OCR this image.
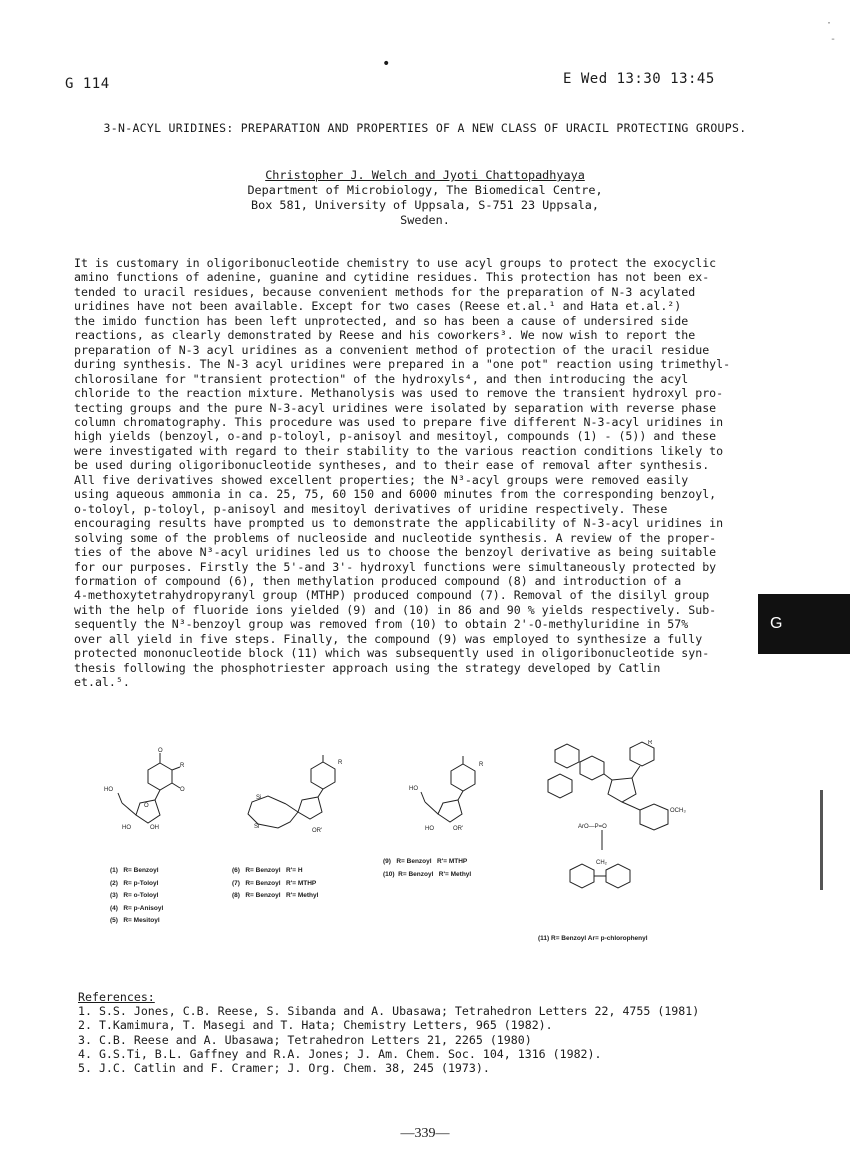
G 114
•
E Wed 13:30 13:45
·
-
3-N-ACYL URIDINES: PREPARATION AND PROPERTIES OF A NEW CLASS OF URACIL PROTECTING GROUPS.
Christopher J. Welch and Jyoti Chattopadhyaya
Department of Microbiology, The Biomedical Centre,
Box 581, University of Uppsala, S-751 23 Uppsala,
Sweden.
It is customary in oligoribonucleotide chemistry to use acyl groups to protect the exocyclic
amino functions of adenine, guanine and cytidine residues. This protection has not been ex-
tended to uracil residues, because convenient methods for the preparation of N-3 acylated
uridines have not been available. Except for two cases (Reese et.al.¹ and Hata et.al.²)
the imido function has been left unprotected, and so has been a cause of undersired side
reactions, as clearly demonstrated by Reese and his coworkers³. We now wish to report the
preparation of N-3 acyl uridines as a convenient method of protection of the uracil residue
during synthesis. The N-3 acyl uridines were prepared in a "one pot" reaction using trimethyl-
chlorosilane for "transient protection" of the hydroxyls⁴, and then introducing the acyl
chloride to the reaction mixture. Methanolysis was used to remove the transient hydroxyl pro-
tecting groups and the pure N-3-acyl uridines were isolated by separation with reverse phase
column chromatography. This procedure was used to prepare five different N-3-acyl uridines in
high yields (benzoyl, o-and p-toloyl, p-anisoyl and mesitoyl, compounds (1) - (5)) and these
were investigated with regard to their stability to the various reaction conditions likely to
be used during oligoribonucleotide syntheses, and to their ease of removal after synthesis.
All five derivatives showed excellent properties; the N³-acyl groups were removed easily
using aqueous ammonia in ca. 25, 75, 60 150 and 6000 minutes from the corresponding benzoyl,
o-toloyl, p-toloyl, p-anisoyl and mesitoyl derivatives of uridine respectively. These
encouraging results have prompted us to demonstrate the applicability of N-3-acyl uridines in
solving some of the problems of nucleoside and nucleotide synthesis. A review of the proper-
ties of the above N³-acyl uridines led us to choose the benzoyl derivative as being suitable
for our purposes. Firstly the 5'-and 3'- hydroxyl functions were simultaneously protected by
formation of compound (6), then methylation produced compound (8) and introduction of a
4-methoxytetrahydropyranyl group (MTHP) produced compound (7). Removal of the disilyl group
with the help of fluoride ions yielded (9) and (10) in 86 and 90 % yields respectively. Sub-
sequently the N³-benzoyl group was removed from (10) to obtain 2'-O-methyluridine in 57%
over all yield in five steps. Finally, the compound (9) was employed to synthesize a fully
protected mononucleotide block (11) which was subsequently used in oligoribonucleotide syn-
thesis following the phosphotriester approach using the strategy developed by Catlin
et.al.⁵.
G
O
R
O
O
HO
HO	OH
R
Si
Si
OR'
R
HO
HO	OR'
R
OCH₃
ArO—P=O
CH₂
(1)   R= Benzoyl
(2)   R= p-Toloyl
(3)   R= o-Toloyl
(4)   R= p-Anisoyl
(5)   R= Mesitoyl
(6)   R= Benzoyl   R'= H
(7)   R= Benzoyl   R'= MTHP
(8)   R= Benzoyl   R'= Methyl
(9)   R= Benzoyl   R'= MTHP
(10)  R= Benzoyl   R'= Methyl
(11) R= Benzoyl Ar= p-chlorophenyl
References:
1. S.S. Jones, C.B. Reese, S. Sibanda and A. Ubasawa; Tetrahedron Letters 22, 4755 (1981)
2. T.Kamimura, T. Masegi and T. Hata; Chemistry Letters, 965 (1982).
3. C.B. Reese and A. Ubasawa; Tetrahedron Letters 21, 2265 (1980)
4. G.S.Ti, B.L. Gaffney and R.A. Jones; J. Am. Chem. Soc. 104, 1316 (1982).
5. J.C. Catlin and F. Cramer; J. Org. Chem. 38, 245 (1973).
—339—
